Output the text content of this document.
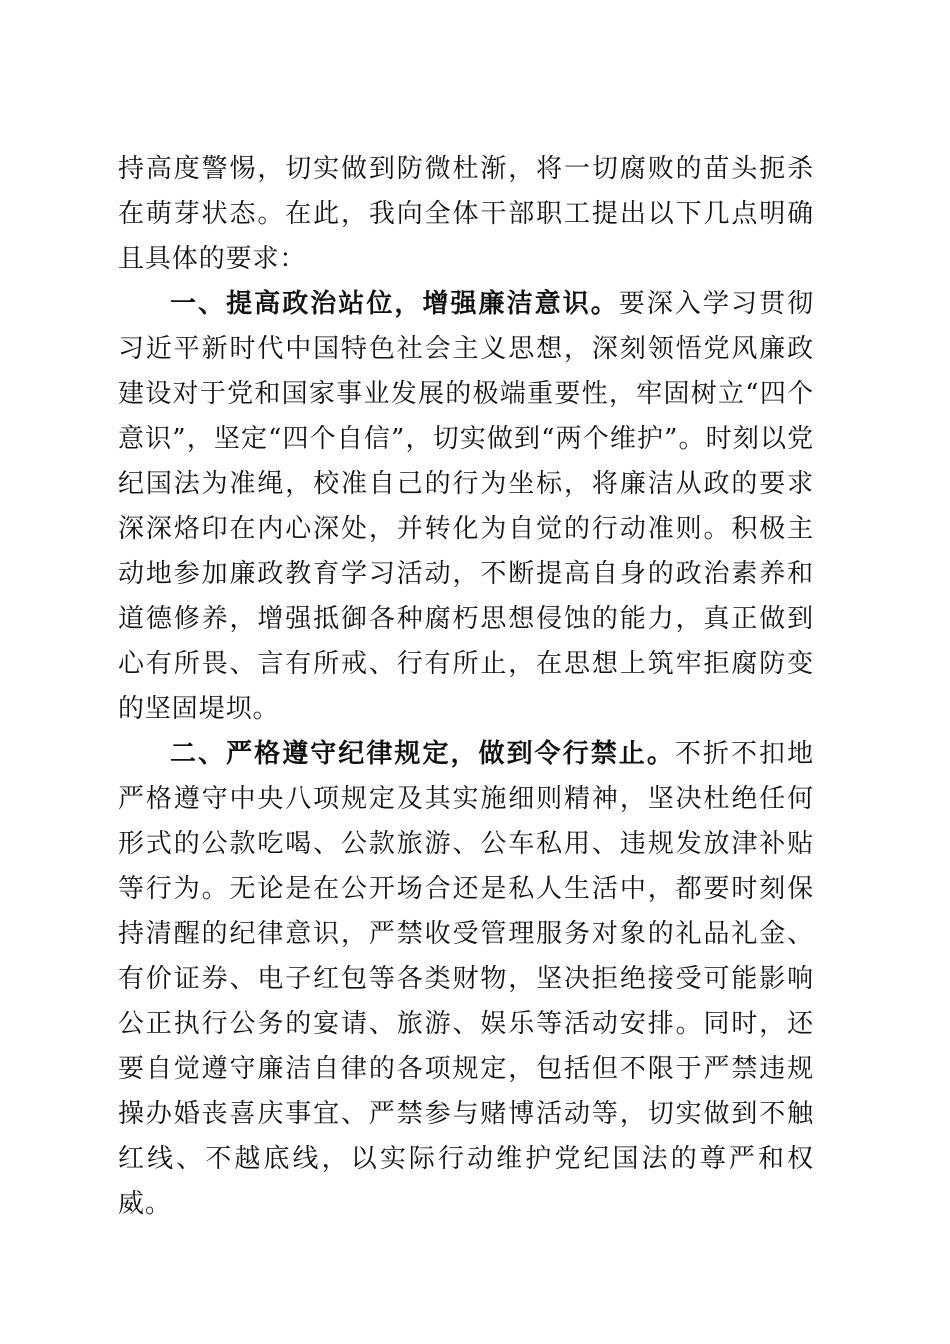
持高度警惕，切实做到防微杜渐，将一切腐败的苗头扼杀在萌芽状态。在此，我向全体干部职工提出以下几点明确且具体的要求：

一、提高政治站位，增强廉洁意识。要深入学习贯彻习近平新时代中国特色社会主义思想，深刻领悟党风廉政建设对于党和国家事业发展的极端重要性，牢固树立“四个意识”，坚定“四个自信”，切实做到“两个维护”。时刻以党纪国法为准绳，校准自己的行为坐标，将廉洁从政的要求深深烙印在内心深处，并转化为自觉的行动准则。积极主动地参加廉政教育学习活动，不断提高自身的政治素养和道德修养，增强抵御各种腐朽思想侵蚀的能力，真正做到心有所畏、言有所戒、行有所止，在思想上筑牢拒腐防变的坚固堤坝。

二、严格遵守纪律规定，做到令行禁止。不折不扣地严格遵守中央八项规定及其实施细则精神，坚决杜绝任何形式的公款吃喝、公款旅游、公车私用、违规发放津补贴等行为。无论是在公开场合还是私人生活中，都要时刻保持清醒的纪律意识，严禁收受管理服务对象的礼品礼金、有价证券、电子红包等各类财物，坚决拒绝接受可能影响公正执行公务的宴请、旅游、娱乐等活动安排。同时，还要自觉遵守廉洁自律的各项规定，包括但不限于严禁违规操办婚丧喜庆事宜、严禁参与赌博活动等，切实做到不触红线、不越底线，以实际行动维护党纪国法的尊严和权威。
